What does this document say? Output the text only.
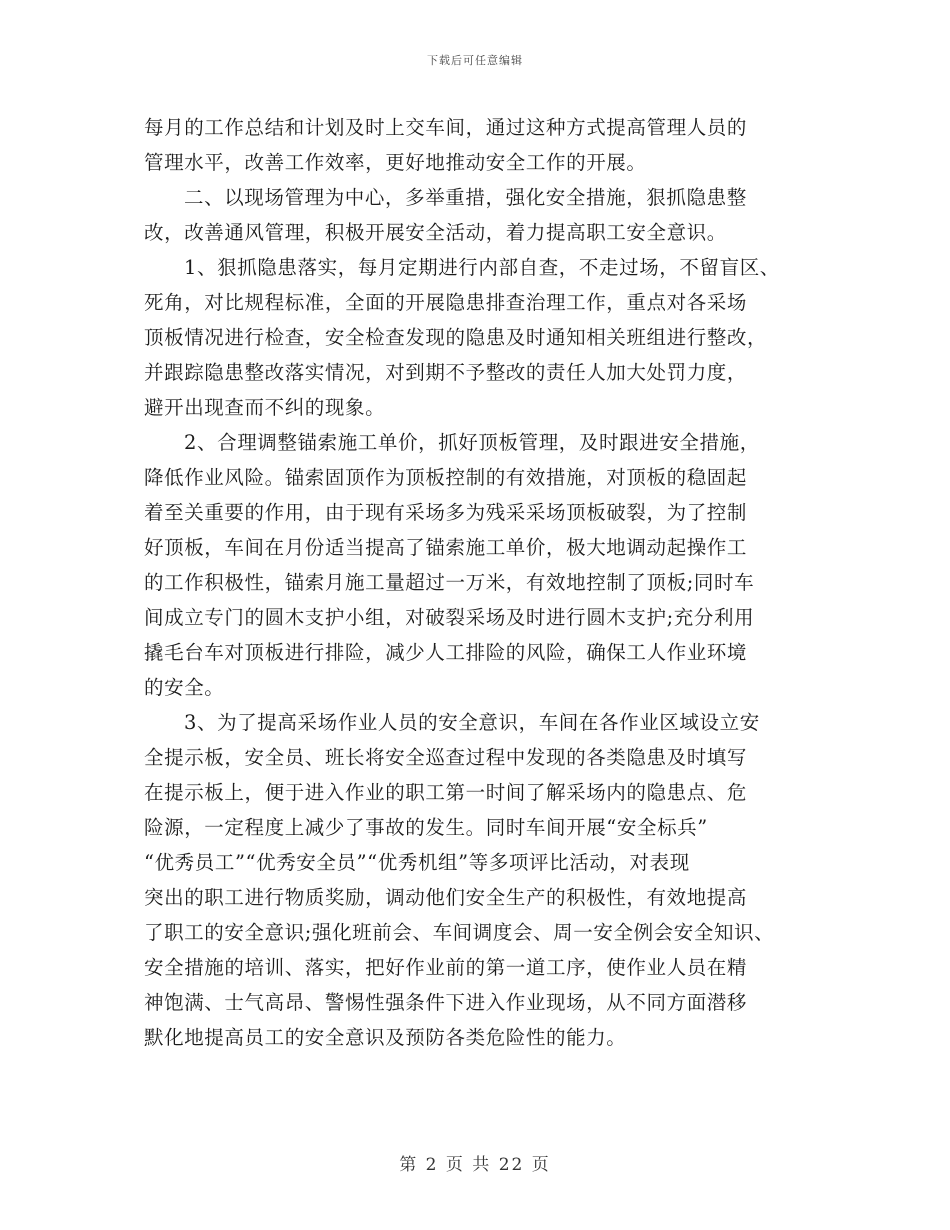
下载后可任意编辑
每月的工作总结和计划及时上交车间，通过这种方式提高管理人员的
管理水平，改善工作效率，更好地推动安全工作的开展。
二、以现场管理为中心，多举重措，强化安全措施，狠抓隐患整
改，改善通风管理，积极开展安全活动，着力提高职工安全意识。
1、狠抓隐患落实，每月定期进行内部自查，不走过场，不留盲区、
死角，对比规程标准，全面的开展隐患排查治理工作，重点对各采场
顶板情况进行检查，安全检查发现的隐患及时通知相关班组进行整改，
并跟踪隐患整改落实情况，对到期不予整改的责任人加大处罚力度，
避开出现查而不纠的现象。
2、合理调整锚索施工单价，抓好顶板管理，及时跟进安全措施，
降低作业风险。锚索固顶作为顶板控制的有效措施，对顶板的稳固起
着至关重要的作用，由于现有采场多为残采采场顶板破裂，为了控制
好顶板，车间在月份适当提高了锚索施工单价，极大地调动起操作工
的工作积极性，锚索月施工量超过一万米，有效地控制了顶板;同时车
间成立专门的圆木支护小组，对破裂采场及时进行圆木支护;充分利用
撬毛台车对顶板进行排险，减少人工排险的风险，确保工人作业环境
的安全。
3、为了提高采场作业人员的安全意识，车间在各作业区域设立安
全提示板，安全员、班长将安全巡查过程中发现的各类隐患及时填写
在提示板上，便于进入作业的职工第一时间了解采场内的隐患点、危
险源，一定程度上减少了事故的发生。同时车间开展“安全标兵”
“优秀员工”“优秀安全员”“优秀机组”等多项评比活动，对表现
突出的职工进行物质奖励，调动他们安全生产的积极性，有效地提高
了职工的安全意识;强化班前会、车间调度会、周一安全例会安全知识、
安全措施的培训、落实，把好作业前的第一道工序，使作业人员在精
神饱满、士气高昂、警惕性强条件下进入作业现场，从不同方面潜移
默化地提高员工的安全意识及预防各类危险性的能力。
第 2 页 共 22 页
